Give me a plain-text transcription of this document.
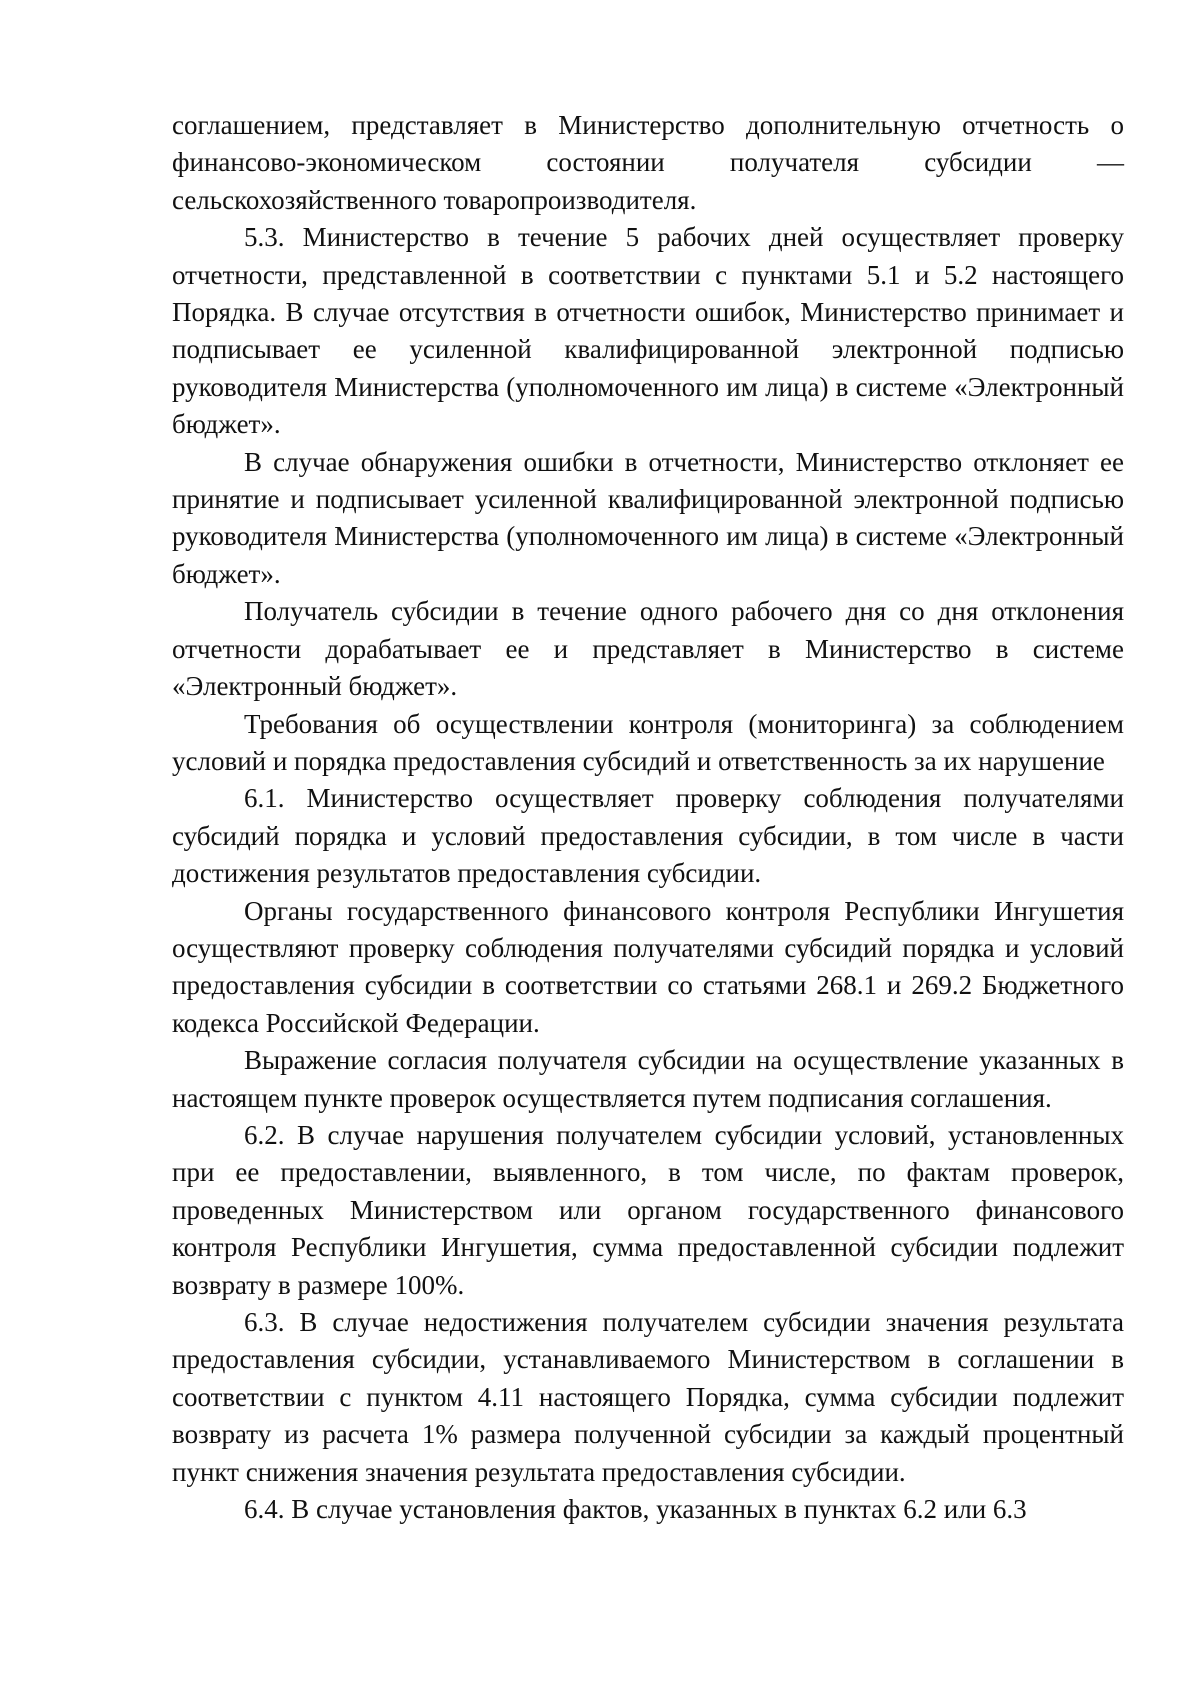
соглашением, представляет в Министерство дополнительную отчетность о финансово-экономическом состоянии получателя субсидии — сельскохозяйственного товаропроизводителя.

5.3. Министерство в течение 5 рабочих дней осуществляет проверку отчетности, представленной в соответствии с пунктами 5.1 и 5.2 настоящего Порядка. В случае отсутствия в отчетности ошибок, Министерство принимает и подписывает ее усиленной квалифицированной электронной подписью руководителя Министерства (уполномоченного им лица) в системе «Электронный бюджет».

В случае обнаружения ошибки в отчетности, Министерство отклоняет ее принятие и подписывает усиленной квалифицированной электронной подписью руководителя Министерства (уполномоченного им лица) в системе «Электронный бюджет».

Получатель субсидии в течение одного рабочего дня со дня отклонения отчетности дорабатывает ее и представляет в Министерство в системе «Электронный бюджет».

Требования об осуществлении контроля (мониторинга) за соблюдением условий и порядка предоставления субсидий и ответственность за их нарушение

6.1. Министерство осуществляет проверку соблюдения получателями субсидий порядка и условий предоставления субсидии, в том числе в части достижения результатов предоставления субсидии.

Органы государственного финансового контроля Республики Ингушетия осуществляют проверку соблюдения получателями субсидий порядка и условий предоставления субсидии в соответствии со статьями 268.1 и 269.2 Бюджетного кодекса Российской Федерации.

Выражение согласия получателя субсидии на осуществление указанных в настоящем пункте проверок осуществляется путем подписания соглашения.

6.2. В случае нарушения получателем субсидии условий, установленных при ее предоставлении, выявленного, в том числе, по фактам проверок, проведенных Министерством или органом государственного финансового контроля Республики Ингушетия, сумма предоставленной субсидии подлежит возврату в размере 100%.

6.3. В случае недостижения получателем субсидии значения результата предоставления субсидии, устанавливаемого Министерством в соглашении в соответствии с пунктом 4.11 настоящего Порядка, сумма субсидии подлежит возврату из расчета 1% размера полученной субсидии за каждый процентный пункт снижения значения результата предоставления субсидии.

6.4. В случае установления фактов, указанных в пунктах 6.2 или 6.3
